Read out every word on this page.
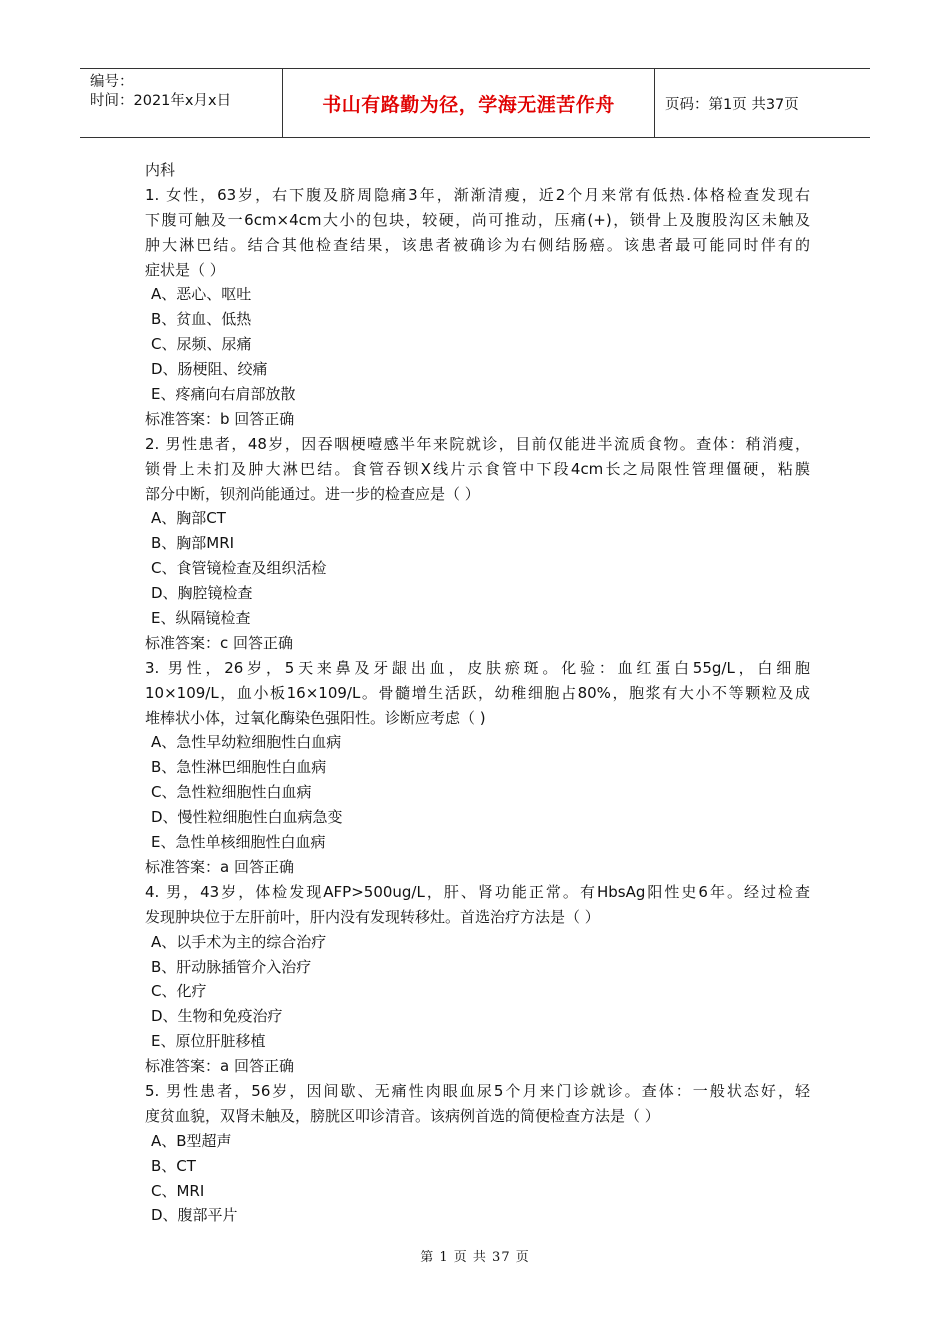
编号：
时间：2021年x月x日	书山有路勤为径，学海无涯苦作舟	页码：第1页 共37页
内科
1. 女性，63岁，右下腹及脐周隐痛3年，渐渐清瘦，近2个月来常有低热.体格检查发现右
下腹可触及一6cm×4cm大小的包块，较硬，尚可推动，压痛(+)，锁骨上及腹股沟区未触及
肿大淋巴结。结合其他检查结果，该患者被确诊为右侧结肠癌。该患者最可能同时伴有的
症状是（ ）
A、恶心、呕吐
B、贫血、低热
C、尿频、尿痛
D、肠梗阻、绞痛
E、疼痛向右肩部放散
标准答案：b 回答正确
2. 男性患者，48岁，因吞咽梗噎感半年来院就诊，目前仅能进半流质食物。查体：稍消瘦，
锁骨上未扪及肿大淋巴结。食管吞钡X线片示食管中下段4cm长之局限性管理僵硬，粘膜
部分中断，钡剂尚能通过。进一步的检查应是（ ）
A、胸部CT
B、胸部MRI
C、食管镜检查及组织活检
D、胸腔镜检查
E、纵隔镜检查
标准答案：c 回答正确
3. 男性，26岁，5天来鼻及牙龈出血，皮肤瘀斑。化验：血红蛋白55g/L，白细胞
10×109/L，血小板16×109/L。骨髓增生活跃，幼稚细胞占80%，胞浆有大小不等颗粒及成
堆棒状小体，过氧化酶染色强阳性。诊断应考虑（ )
A、急性早幼粒细胞性白血病
B、急性淋巴细胞性白血病
C、急性粒细胞性白血病
D、慢性粒细胞性白血病急变
E、急性单核细胞性白血病
标准答案：a 回答正确
4. 男，43岁，体检发现AFP>500ug/L，肝、肾功能正常。有HbsAg阳性史6年。经过检查
发现肿块位于左肝前叶，肝内没有发现转移灶。首选治疗方法是（ ）
A、以手术为主的综合治疗
B、肝动脉插管介入治疗
C、化疗
D、生物和免疫治疗
E、原位肝脏移植
标准答案：a 回答正确
5. 男性患者，56岁，因间歇、无痛性肉眼血尿5个月来门诊就诊。查体：一般状态好，轻
度贫血貌，双肾未触及，膀胱区叩诊清音。该病例首选的简便检查方法是（ ）
A、B型超声
B、CT
C、MRI
D、腹部平片
第 1 页 共 37 页
